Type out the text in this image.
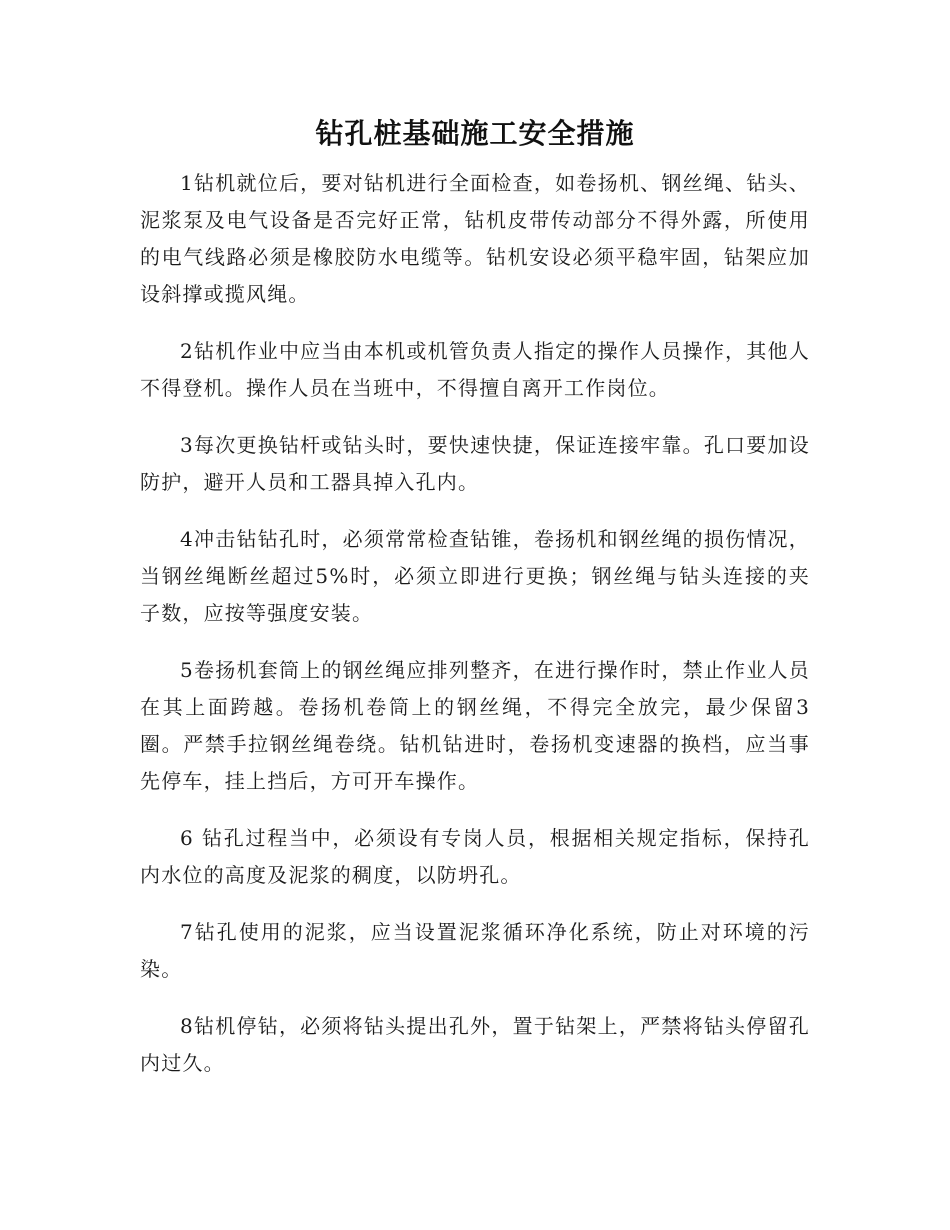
钻孔桩基础施工安全措施

1钻机就位后，要对钻机进行全面检查，如卷扬机、钢丝绳、钻头、泥浆泵及电气设备是否完好正常，钻机皮带传动部分不得外露，所使用的电气线路必须是橡胶防水电缆等。钻机安设必须平稳牢固，钻架应加设斜撑或揽风绳。

2钻机作业中应当由本机或机管负责人指定的操作人员操作，其他人不得登机。操作人员在当班中，不得擅自离开工作岗位。

3每次更换钻杆或钻头时，要快速快捷，保证连接牢靠。孔口要加设防护，避开人员和工器具掉入孔内。

4冲击钻钻孔时，必须常常检查钻锥，卷扬机和钢丝绳的损伤情况，当钢丝绳断丝超过5%时，必须立即进行更换；钢丝绳与钻头连接的夹子数，应按等强度安装。

5卷扬机套筒上的钢丝绳应排列整齐，在进行操作时，禁止作业人员在其上面跨越。卷扬机卷筒上的钢丝绳，不得完全放完，最少保留3圈。严禁手拉钢丝绳卷绕。钻机钻进时，卷扬机变速器的换档，应当事先停车，挂上挡后，方可开车操作。

6 钻孔过程当中，必须设有专岗人员，根据相关规定指标，保持孔内水位的高度及泥浆的稠度，以防坍孔。

7钻孔使用的泥浆，应当设置泥浆循环净化系统，防止对环境的污染。

8钻机停钻，必须将钻头提出孔外，置于钻架上，严禁将钻头停留孔内过久。
